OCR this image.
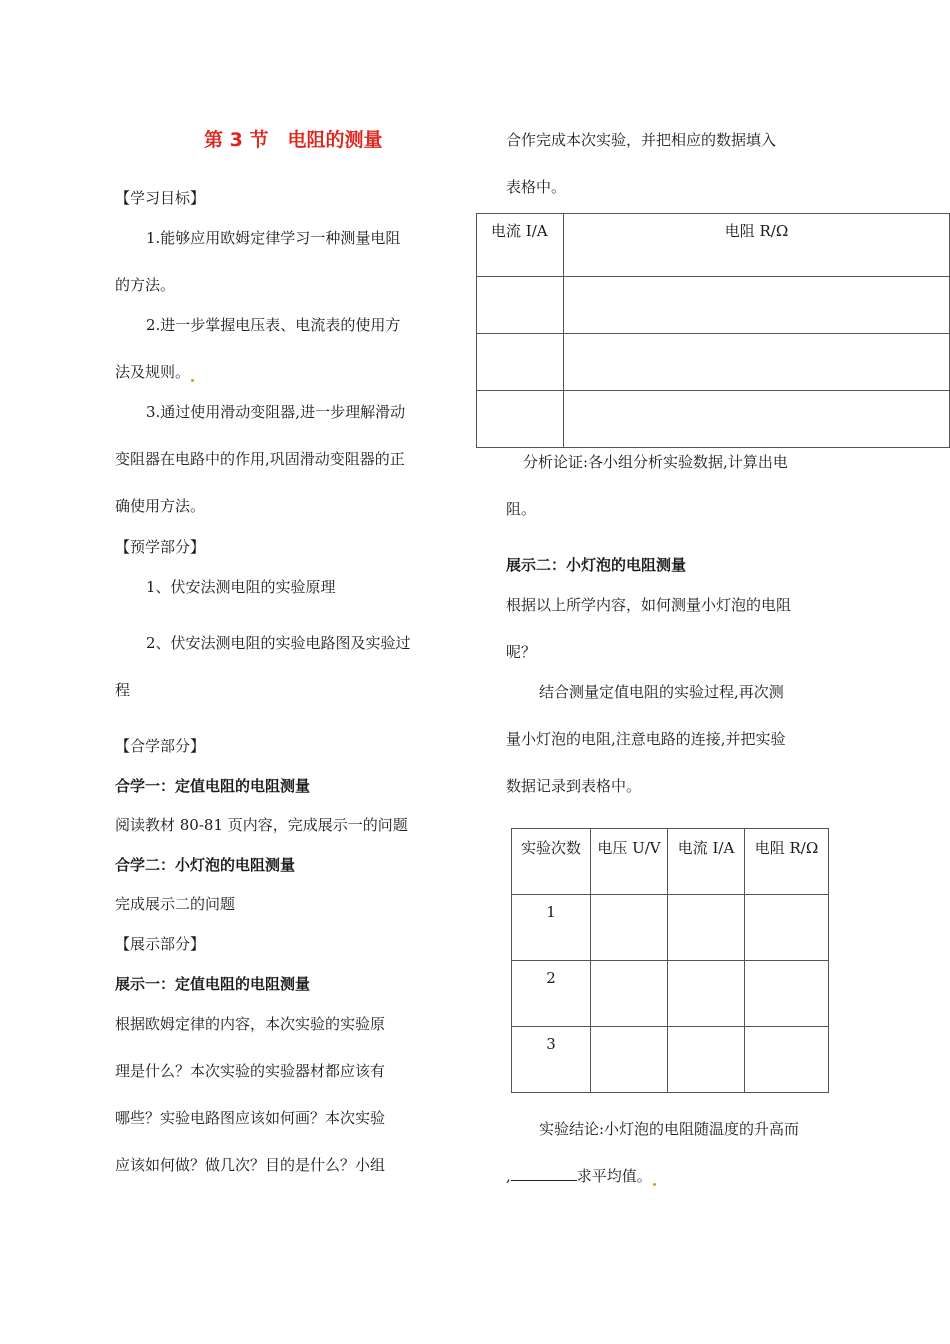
第 3 节　电阻的测量
【学习目标】
1.能够应用欧姆定律学习一种测量电阻
的方法。
2.进一步掌握电压表、电流表的使用方
法及规则。
3.通过使用滑动变阻器,进一步理解滑动
变阻器在电路中的作用,巩固滑动变阻器的正
确使用方法。
【预学部分】
1、伏安法测电阻的实验原理
2、伏安法测电阻的实验电路图及实验过
程
【合学部分】
合学一：定值电阻的电阻测量
阅读教材 80-81 页内容，完成展示一的问题
合学二：小灯泡的电阻测量
完成展示二的问题
【展示部分】
展示一：定值电阻的电阻测量
根据欧姆定律的内容，本次实验的实验原
理是什么？本次实验的实验器材都应该有
哪些？实验电路图应该如何画？本次实验
应该如何做？做几次？目的是什么？小组
合作完成本次实验，并把相应的数据填入
表格中。
电流 I/A	电阻 R/Ω

分析论证:各小组分析实验数据,计算出电
阻。
展示二：小灯泡的电阻测量
根据以上所学内容，如何测量小灯泡的电阻
呢？
结合测量定值电阻的实验过程,再次测
量小灯泡的电阻,注意电路的连接,并把实验
数据记录到表格中。
实验次数	电压 U/V	电流 I/A	电阻 R/Ω
1			
2			
3			
实验结论:小灯泡的电阻随温度的升高而
,	求平均值。
